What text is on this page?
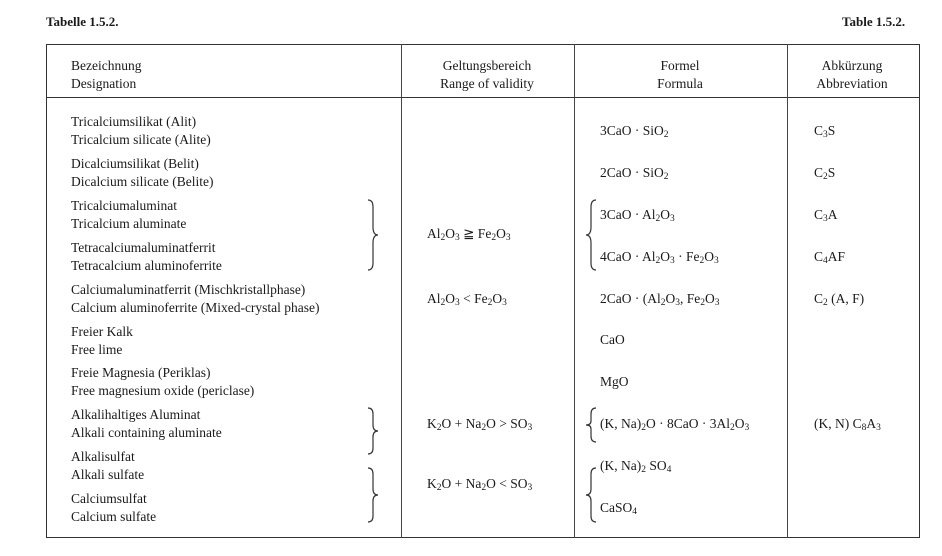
Tabelle 1.5.2.	Table 1.5.2.
Bezeichnung
Designation
Geltungsbereich
Range of validity
Formel
Formula
Abkürzung
Abbreviation
Tricalciumsilikat (Alit)
Tricalcium silicate (Alite)
Dicalciumsilikat (Belit)
Dicalcium silicate (Belite)
Tricalciumaluminat
Tricalcium aluminate
Tetracalciumaluminatferrit
Tetracalcium aluminoferrite
Calciumaluminatferrit (Mischkristallphase)
Calcium aluminoferrite (Mixed-crystal phase)
Freier Kalk
Free lime
Freie Magnesia (Periklas)
Free magnesium oxide (periclase)
Alkalihaltiges Aluminat
Alkali containing aluminate
Alkalisulfat
Alkali sulfate
Calciumsulfat
Calcium sulfate
$Al_2O_3$ ≧ $Fe_2O_3$
$Al_2O_3 < Fe_2O_3$
$K_2O + Na_2O > SO_3$
$K_2O + Na_2O < SO_3$
3CaO · SiO$_2$
2CaO · SiO$_2$
$3CaO \cdot Al_2O_3$
$4CaO \cdot Al_2O_3 \cdot Fe_2O_3$
$2CaO \cdot (Al_2O_3$, $Fe_2O_3$
CaO
MgO
(K, $Na)_2O \cdot 8CaO \cdot 3Al_2O_3$
(K, $Na)_2$ $SO_4$
CaSO$_4$
$C_3S$
$C_2S$
$C_3A$
$C_4AF$
$C_2$ (A, F)
(K, N) $C_8A_3$
